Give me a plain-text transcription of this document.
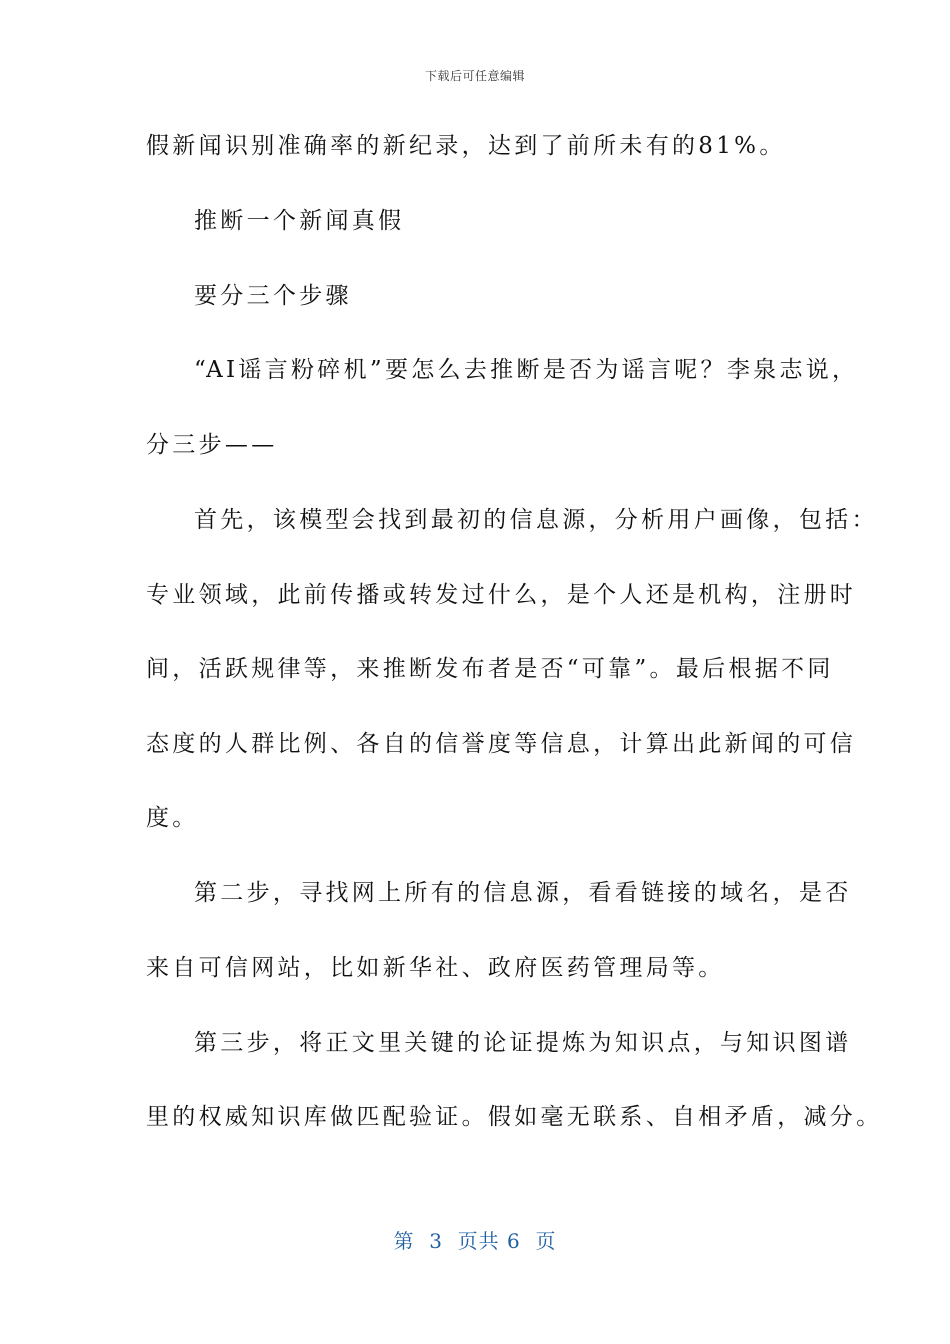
下载后可任意编辑
假新闻识别准确率的新纪录，达到了前所未有的81%。
推断一个新闻真假
要分三个步骤
“AI谣言粉碎机”要怎么去推断是否为谣言呢？李泉志说，
分三步——
首先，该模型会找到最初的信息源，分析用户画像，包括：
专业领域，此前传播或转发过什么，是个人还是机构，注册时
间，活跃规律等，来推断发布者是否“可靠”。最后根据不同
态度的人群比例、各自的信誉度等信息，计算出此新闻的可信
度。
第二步，寻找网上所有的信息源，看看链接的域名，是否
来自可信网站，比如新华社、政府医药管理局等。
第三步，将正文里关键的论证提炼为知识点，与知识图谱
里的权威知识库做匹配验证。假如毫无联系、自相矛盾，减分。
第  3  页共 6  页
